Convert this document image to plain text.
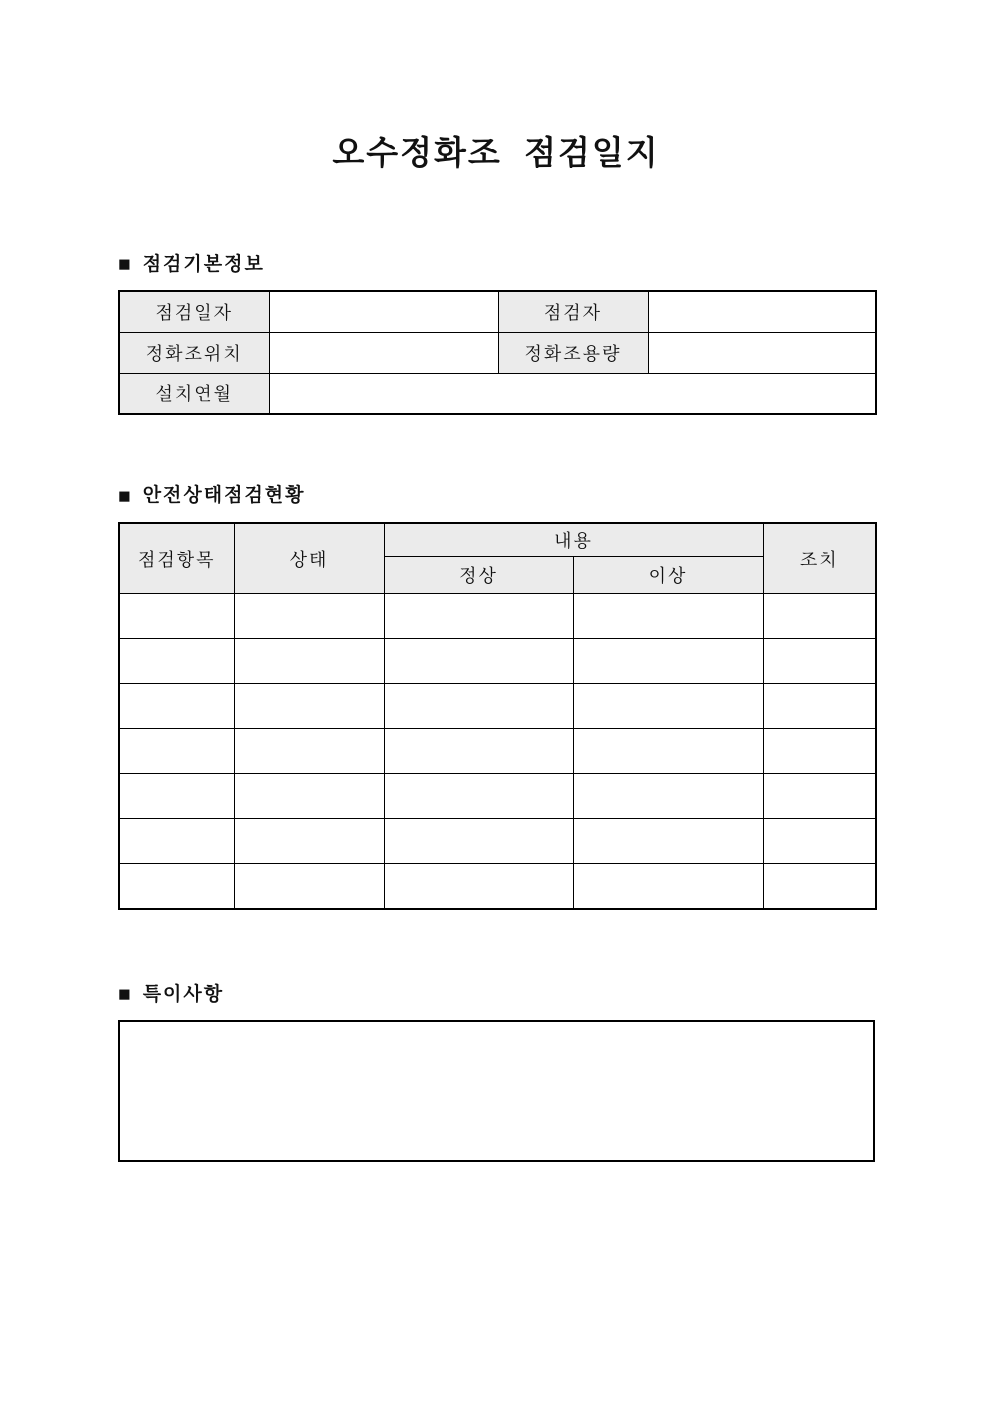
오수정화조  점검일지
■ 점검기본정보
점검일자		점검자	
정화조위치		정화조용량	
설치연월			
■ 안전상태점검현황
점검항목	상태	내용		조치
		정상	이상	

■ 특이사항
